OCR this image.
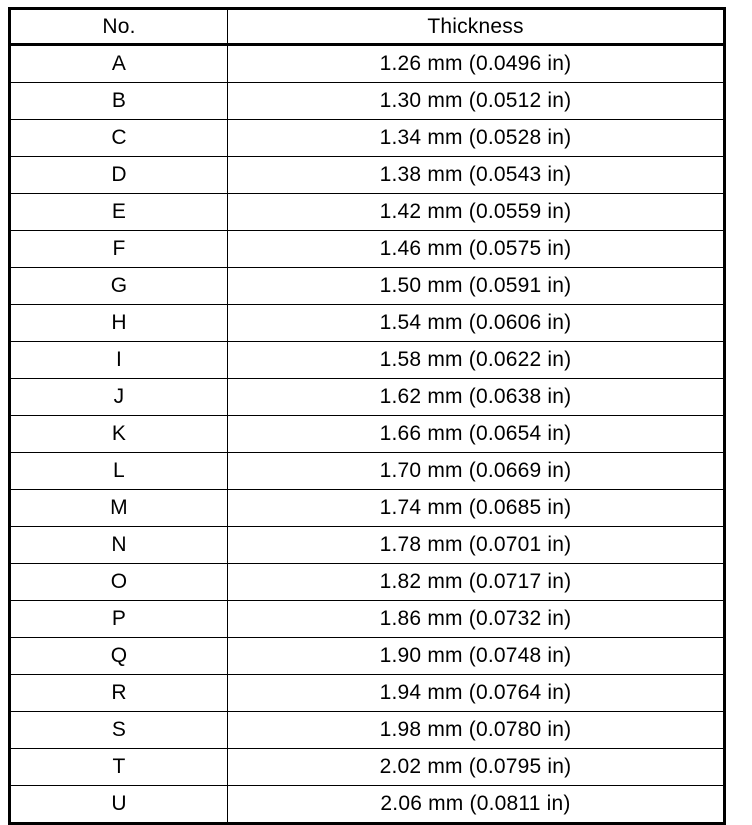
No.	Thickness
A	1.26 mm (0.0496 in)
B	1.30 mm (0.0512 in)
C	1.34 mm (0.0528 in)
D	1.38 mm (0.0543 in)
E	1.42 mm (0.0559 in)
F	1.46 mm (0.0575 in)
G	1.50 mm (0.0591 in)
H	1.54 mm (0.0606 in)
I	1.58 mm (0.0622 in)
J	1.62 mm (0.0638 in)
K	1.66 mm (0.0654 in)
L	1.70 mm (0.0669 in)
M	1.74 mm (0.0685 in)
N	1.78 mm (0.0701 in)
O	1.82 mm (0.0717 in)
P	1.86 mm (0.0732 in)
Q	1.90 mm (0.0748 in)
R	1.94 mm (0.0764 in)
S	1.98 mm (0.0780 in)
T	2.02 mm (0.0795 in)
U	2.06 mm (0.0811 in)
